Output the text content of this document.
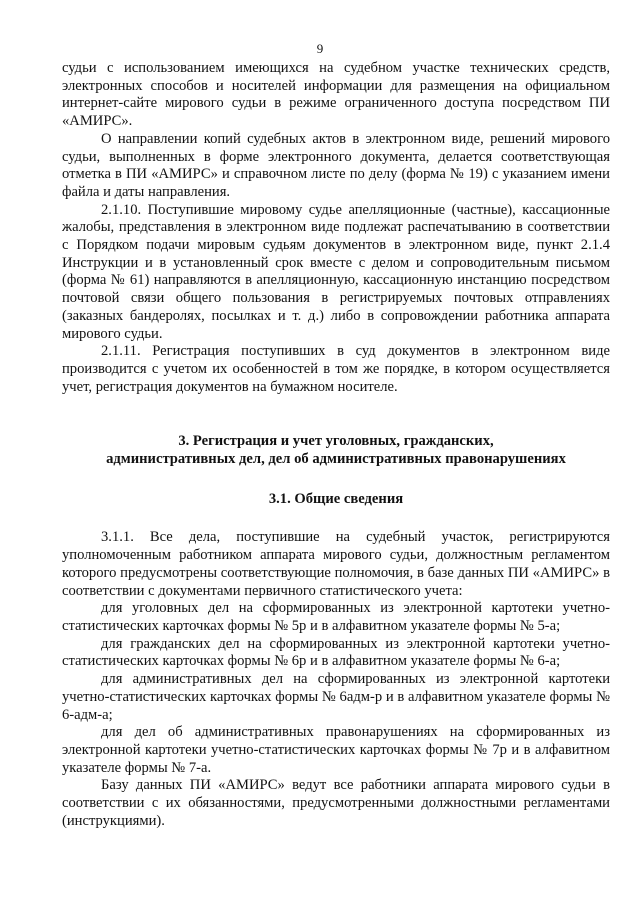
9

судьи с использованием имеющихся на судебном участке технических средств, электронных способов и носителей информации для размещения на официальном интернет-сайте мирового судьи в режиме ограниченного доступа посредством ПИ «АМИРС».

О направлении копий судебных актов в электронном виде, решений мирового судьи, выполненных в форме электронного документа, делается соответствующая отметка в ПИ «АМИРС» и справочном листе по делу (форма № 19) с указанием имени файла и даты направления.

2.1.10. Поступившие мировому судье апелляционные (частные), кассационные жалобы, представления в электронном виде подлежат распечатыванию в соответствии с Порядком подачи мировым судьям документов в электронном виде, пункт 2.1.4 Инструкции и в установленный срок вместе с делом и сопроводительным письмом (форма № 61) направляются в апелляционную, кассационную инстанцию посредством почтовой связи общего пользования в регистрируемых почтовых отправлениях (заказных бандеролях, посылках и т. д.) либо в сопровождении работника аппарата мирового судьи.

2.1.11. Регистрация поступивших в суд документов в электронном виде производится с учетом их особенностей в том же порядке, в котором осуществляется учет, регистрация документов на бумажном носителе.

3. Регистрация и учет уголовных, гражданских,
административных дел, дел об административных правонарушениях
3.1. Общие сведения

3.1.1. Все дела, поступившие на судебный участок, регистрируются уполномоченным работником аппарата мирового судьи, должностным регламентом которого предусмотрены соответствующие полномочия, в базе данных ПИ «АМИРС» в соответствии с документами первичного статистического учета:

для уголовных дел на сформированных из электронной картотеки учетно-статистических карточках формы № 5р и в алфавитном указателе формы № 5-а;

для гражданских дел на сформированных из электронной картотеки учетно-статистических карточках формы № 6р и в алфавитном указателе формы № 6-а;

для административных дел на сформированных из электронной картотеки учетно-статистических карточках формы № 6адм-р и в алфавитном указателе формы № 6-адм-а;

для дел об административных правонарушениях на сформированных из электронной картотеки учетно-статистических карточках формы № 7р и в алфавитном указателе формы № 7-а.

Базу данных ПИ «АМИРС» ведут все работники аппарата мирового судьи в соответствии с их обязанностями, предусмотренными должностными регламентами (инструкциями).
